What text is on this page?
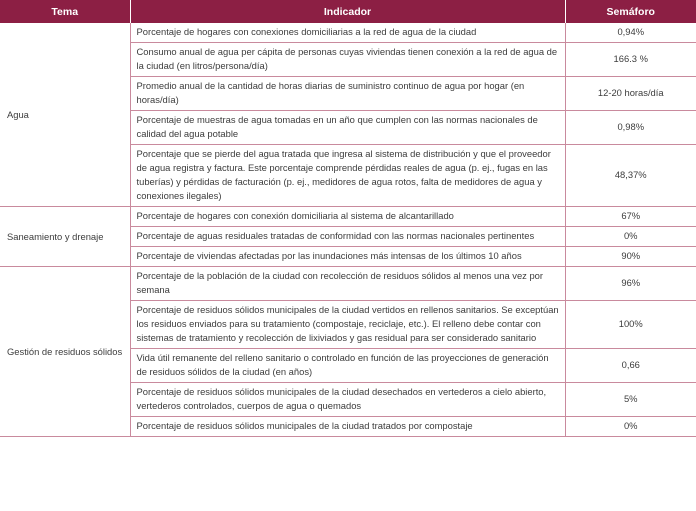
Tema	Indicador	Semáforo
Agua	Porcentaje de hogares con conexiones domiciliarias a la red de agua de la ciudad	0,94%
	Consumo anual de agua per cápita de personas cuyas viviendas tienen conexión a la red de agua de la ciudad (en litros/persona/día)	166.3 %
	Promedio anual de la cantidad de horas diarias de suministro continuo de agua por hogar (en horas/día)	12-20 horas/día
	Porcentaje de muestras de agua tomadas en un año que cumplen con las normas nacionales de calidad del agua potable	0,98%
	Porcentaje que se pierde del agua tratada que ingresa al sistema de distribución y que el proveedor de agua registra y factura. Este porcentaje comprende pérdidas reales de agua (p. ej., fugas en las tuberías) y pérdidas de facturación (p. ej., medidores de agua rotos, falta de medidores de agua y conexiones ilegales)	48,37%
Saneamiento y drenaje	Porcentaje de hogares con conexión domiciliaria al sistema de alcantarillado	67%
	Porcentaje de aguas residuales tratadas de conformidad con las normas nacionales pertinentes	0%
	Porcentaje de viviendas afectadas por las inundaciones más intensas de los últimos 10 años	90%
Gestión de residuos sólidos	Porcentaje de la población de la ciudad con recolección de residuos sólidos al menos una vez por semana	96%
	Porcentaje de residuos sólidos municipales de la ciudad vertidos en rellenos sanitarios. Se exceptúan los residuos enviados para su tratamiento (compostaje, reciclaje, etc.). El relleno debe contar con sistemas de tratamiento y recolección de lixiviados y gas residual para ser considerado sanitario	100%
	Vida útil remanente del relleno sanitario o controlado en función de las proyecciones de generación de residuos sólidos de la ciudad (en años)	0,66
	Porcentaje de residuos sólidos municipales de la ciudad desechados en vertederos a cielo abierto, vertederos controlados, cuerpos de agua o quemados	5%
	Porcentaje de residuos sólidos municipales de la ciudad tratados por compostaje	0%
